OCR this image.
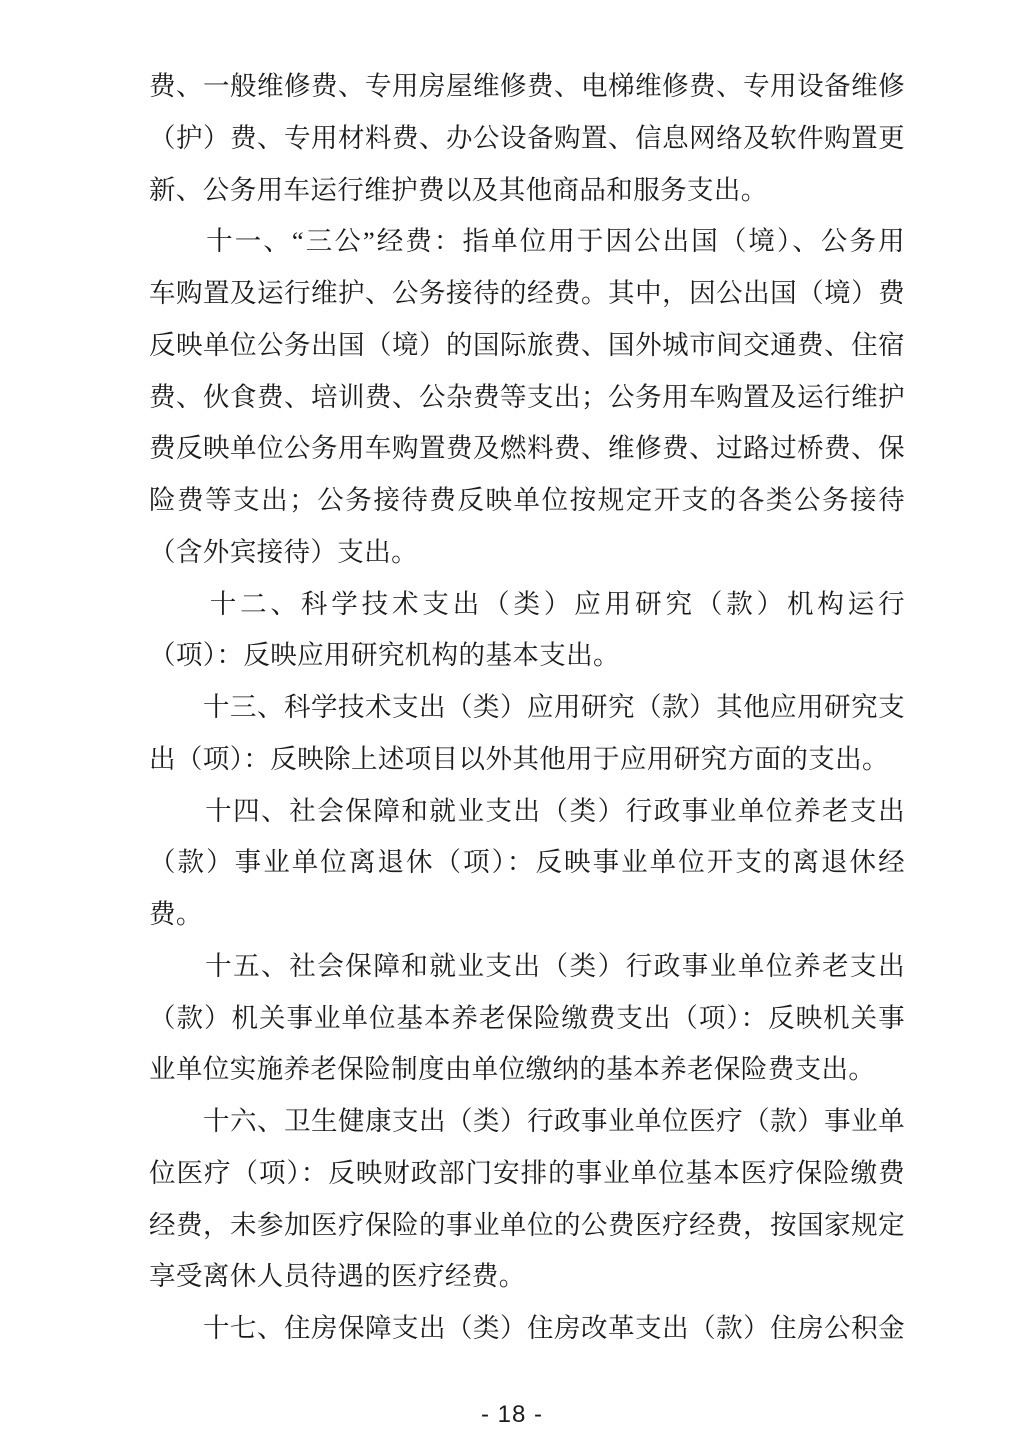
费、一般维修费、专用房屋维修费、电梯维修费、专用设备维修
（护）费、专用材料费、办公设备购置、信息网络及软件购置更
新、公务用车运行维护费以及其他商品和服务支出。
　　十一、“三公”经费：指单位用于因公出国（境）、公务用
车购置及运行维护、公务接待的经费。其中，因公出国（境）费
反映单位公务出国（境）的国际旅费、国外城市间交通费、住宿
费、伙食费、培训费、公杂费等支出；公务用车购置及运行维护
费反映单位公务用车购置费及燃料费、维修费、过路过桥费、保
险费等支出；公务接待费反映单位按规定开支的各类公务接待
（含外宾接待）支出。
　　十二、科学技术支出（类）应用研究（款）机构运行
（项）：反映应用研究机构的基本支出。
　　十三、科学技术支出（类）应用研究（款）其他应用研究支
出（项）：反映除上述项目以外其他用于应用研究方面的支出。
　　十四、社会保障和就业支出（类）行政事业单位养老支出
（款）事业单位离退休（项）：反映事业单位开支的离退休经
费。
　　十五、社会保障和就业支出（类）行政事业单位养老支出
（款）机关事业单位基本养老保险缴费支出（项）：反映机关事
业单位实施养老保险制度由单位缴纳的基本养老保险费支出。
　　十六、卫生健康支出（类）行政事业单位医疗（款）事业单
位医疗（项）：反映财政部门安排的事业单位基本医疗保险缴费
经费，未参加医疗保险的事业单位的公费医疗经费，按国家规定
享受离休人员待遇的医疗经费。
　　十七、住房保障支出（类）住房改革支出（款）住房公积金
- 18 -
